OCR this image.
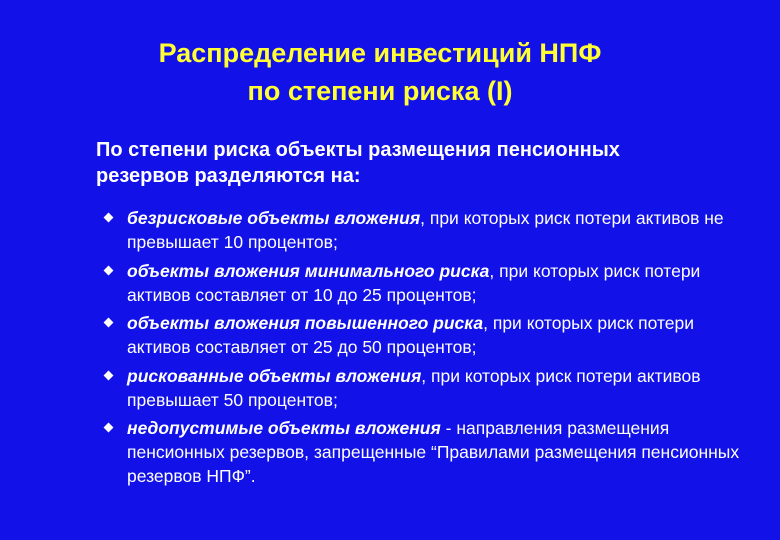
Распределение инвестиций НПФ
по степени риска (I)
По степени риска объекты размещения пенсионных
резервов разделяются на:
безрисковые объекты вложения, при которых риск потери активов не превышает 10 процентов;
объекты вложения минимального риска, при которых риск потери активов составляет от 10 до 25 процентов;
объекты вложения повышенного риска, при которых риск потери активов составляет от 25 до 50 процентов;
рискованные объекты вложения, при которых риск потери активов превышает 50 процентов;
недопустимые объекты вложения - направления размещения пенсионных резервов, запрещенные “Правилами размещения пенсионных резервов НПФ”.
